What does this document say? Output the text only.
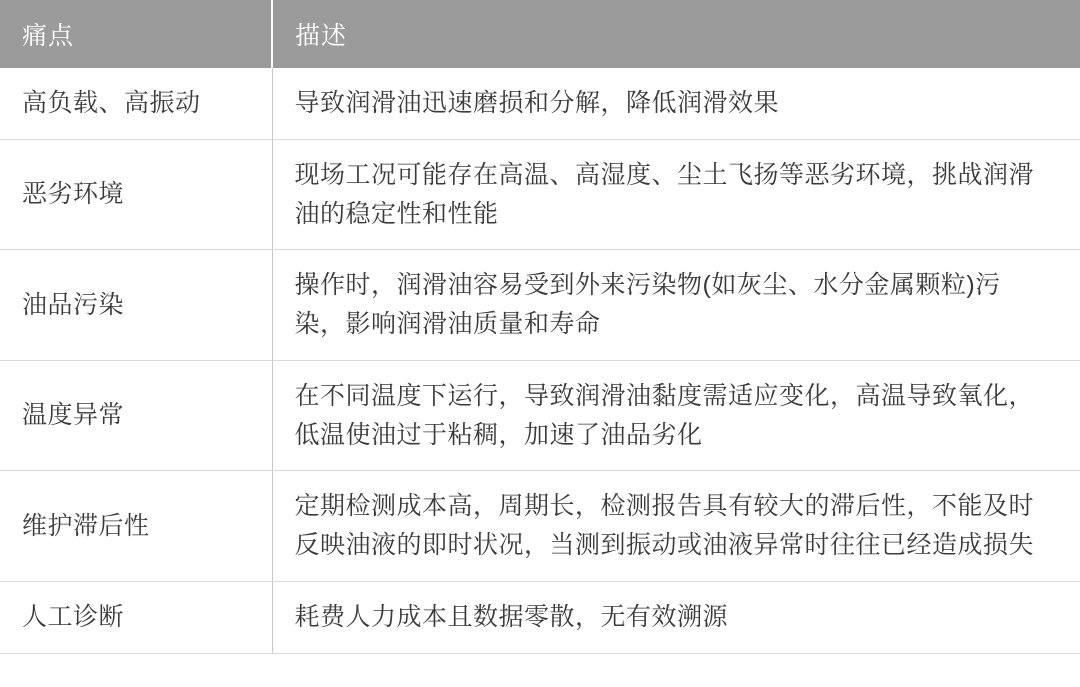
痛点	描述
高负载、高振动	导致润滑油迅速磨损和分解，降低润滑效果
恶劣环境	现场工况可能存在高温、高湿度、尘土飞扬等恶劣环境，挑战润滑油的稳定性和性能
油品污染	操作时，润滑油容易受到外来污染物(如灰尘、水分金属颗粒)污染，影响润滑油质量和寿命
温度异常	在不同温度下运行，导致润滑油黏度需适应变化，高温导致氧化，低温使油过于粘稠，加速了油品劣化
维护滞后性	定期检测成本高，周期长，检测报告具有较大的滞后性，不能及时反映油液的即时状况，当测到振动或油液异常时往往已经造成损失
人工诊断	耗费人力成本且数据零散，无有效溯源
